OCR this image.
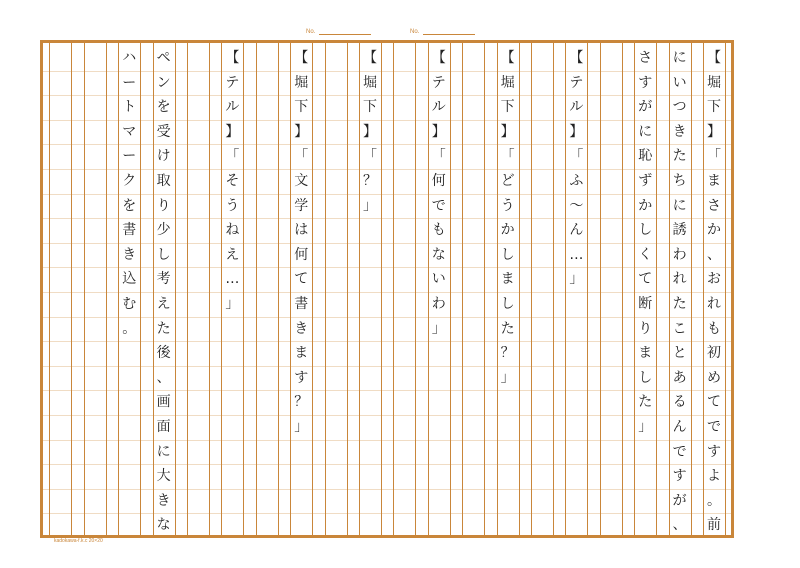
No.	No.
【
堀
下
】
「
ま
さ
か
、
お
れ
も
初
め
て
で
す
よ
。
前
に
い
つ
き
た
ち
に
誘
わ
れ
た
こ
と
あ
る
ん
で
す
が
、
さ
す
が
に
恥
ず
か
し
く
て
断
り
ま
し
た
」
【
テ
ル
】
「
ふ
〜
ん
…
」
【
堀
下
】
「
ど
う
か
し
ま
し
た
？
」
【
テ
ル
】
「
何
で
も
な
い
わ
」
【
堀
下
】
「
？
」
【
堀
下
】
「
文
学
は
何
て
書
き
ま
す
？
」
【
テ
ル
】
「
そ
う
ね
え
…
」
ペ
ン
を
受
け
取
り
少
し
考
え
た
後
、
画
面
に
大
き
な
ハ
ー
ト
マ
ー
ク
を
書
き
込
む
。
kadokawa-f.k.c 20×20
